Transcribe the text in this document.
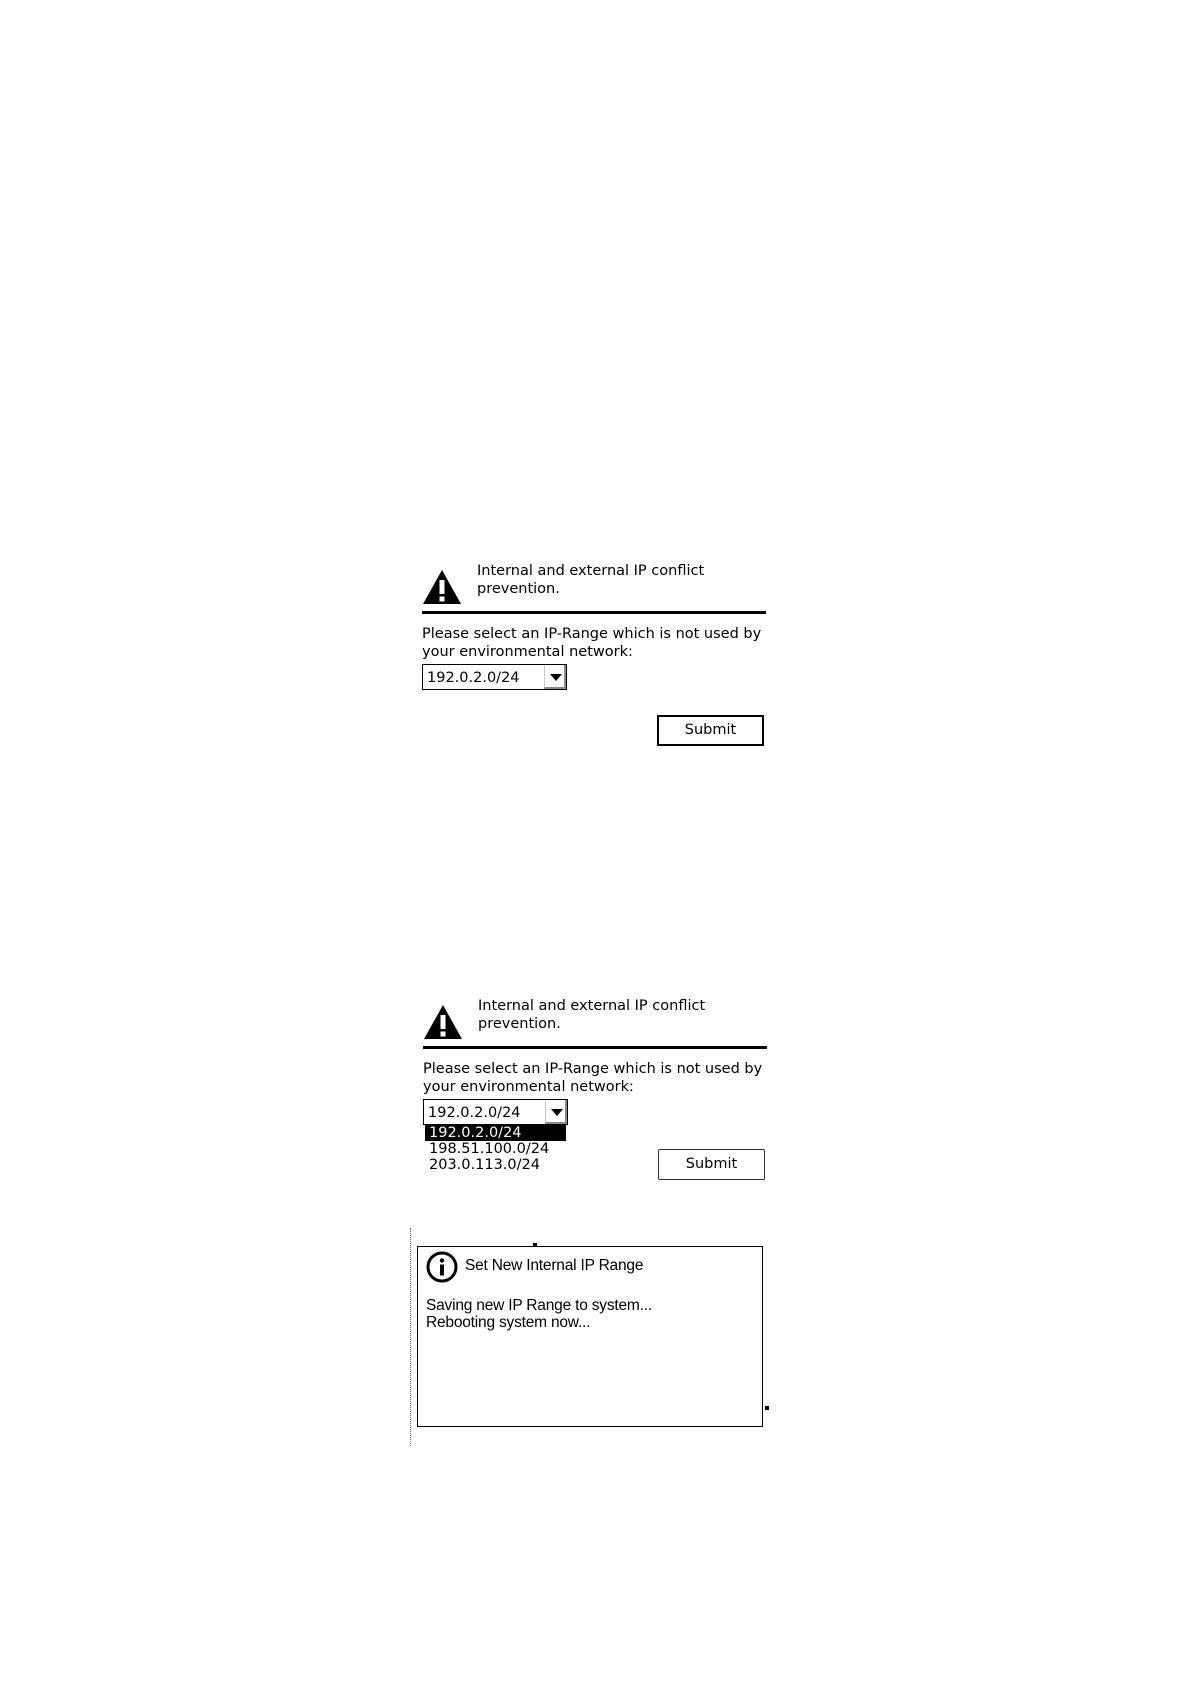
Internal and external IP conflict prevention.
Please select an IP-Range which is not used by your environmental network:
192.0.2.0/24
Submit
Internal and external IP conflict prevention.
Please select an IP-Range which is not used by your environmental network:
192.0.2.0/24
192.0.2.0/24
198.51.100.0/24
203.0.113.0/24	Submit
Set New Internal IP Range
Saving new IP Range to system...
Rebooting system now...
